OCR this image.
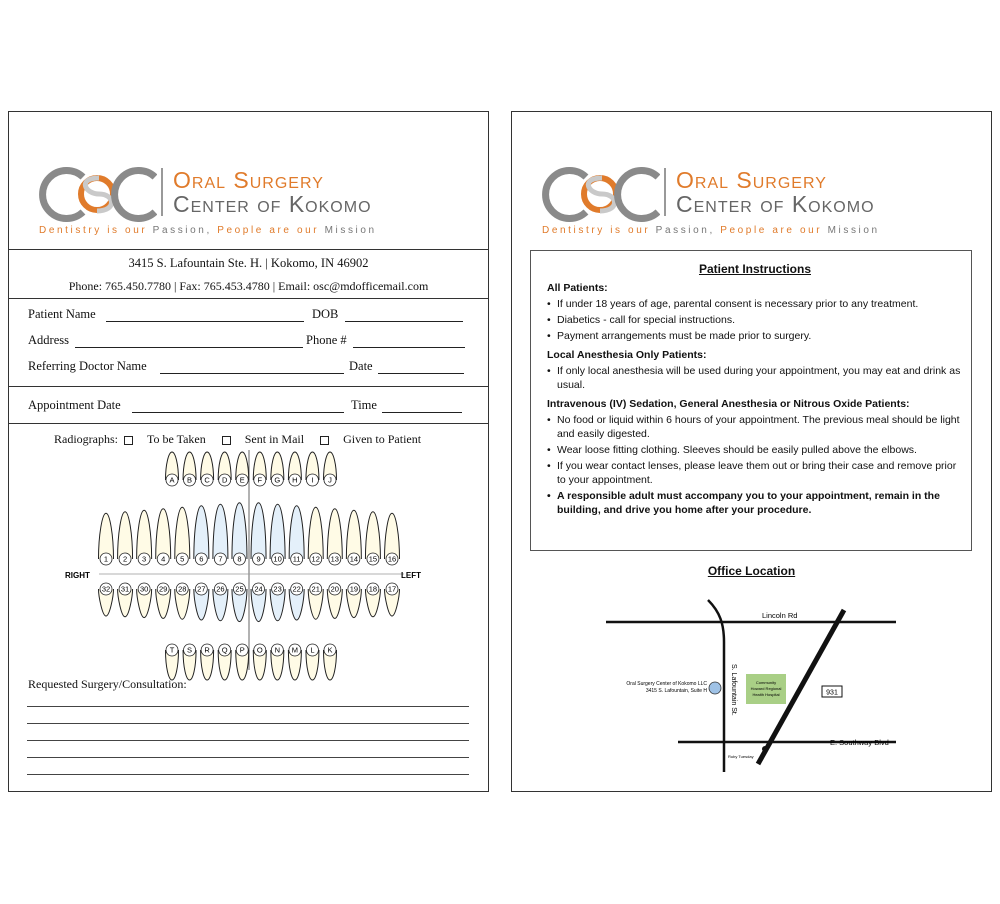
Oral Surgery
Center of Kokomo
Dentistry is our Passion, People are our Mission
3415 S. Lafountain Ste. H. | Kokomo, IN 46902
Phone: 765.450.7780 | Fax: 765.453.4780 | Email: osc@mdofficemail.com
Patient Name	DOB
Address	Phone #
Referring Doctor Name	Date
Appointment Date	Time
Radiographs: To be Taken	Sent in Mail	Given to Patient
RIGHT	LEFT
A B C D E F G H I J
1 2 3 4 5 6 7 8 9 10 11 12 13 14 15 16
32 31 30 29 28 27 26 25 24 23 22 21 20 19 18 17
T S R Q P O N M L K
Requested Surgery/Consultation:
Oral Surgery
Center of Kokomo
Dentistry is our Passion, People are our Mission
Patient Instructions
All Patients:
• If under 18 years of age, parental consent is necessary prior to any treatment.
• Diabetics - call for special instructions.
• Payment arrangements must be made prior to surgery.
Local Anesthesia Only Patients:
• If only local anesthesia will be used during your appointment, you may eat and drink as usual.
Intravenous (IV) Sedation, General Anesthesia or Nitrous Oxide Patients:
• No food or liquid within 6 hours of your appointment. The previous meal should be light and easily digested.
• Wear loose fitting clothing. Sleeves should be easily pulled above the elbows.
• If you wear contact lenses, please leave them out or bring their case and remove prior to your appointment.
• A responsible adult must accompany you to your appointment, remain in the building, and drive you home after your procedure.
Office Location
Community
Howard Regional
Health Hospital
Oral Surgery Center of Kokomo LLC
3415 S. Lafountain, Suite H	S. Lafountain St.
Lincoln Rd
E. Southway Blvd
931
Ruby Tuesday
